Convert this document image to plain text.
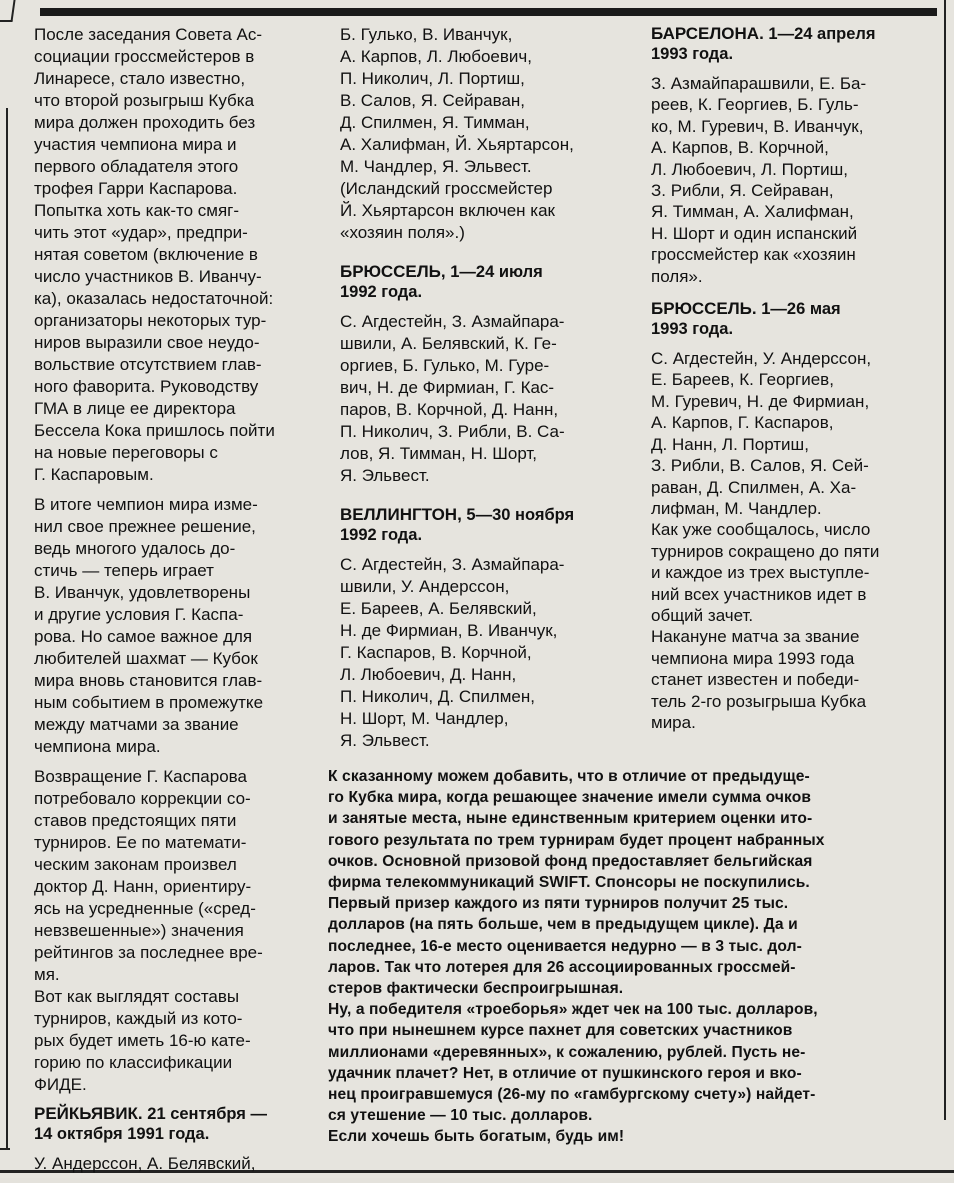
После заседания Совета Ас-
социации гроссмейстеров в
Линаресе, стало известно,
что второй розыгрыш Кубка
мира должен проходить без
участия чемпиона мира и
первого обладателя этого
трофея Гарри Каспарова.
Попытка хоть как-то смяг-
чить этот «удар», предпри-
нятая советом (включение в
число участников В. Иванчу-
ка), оказалась недостаточной:
организаторы некоторых тур-
ниров выразили свое неудо-
вольствие отсутствием глав-
ного фаворита. Руководству
ГМА в лице ее директора
Бессела Кока пришлось пойти
на новые переговоры с
Г. Каспаровым.

В итоге чемпион мира изме-
нил свое прежнее решение,
ведь многого удалось до-
стичь — теперь играет
В. Иванчук, удовлетворены
и другие условия Г. Каспа-
рова. Но самое важное для
любителей шахмат — Кубок
мира вновь становится глав-
ным событием в промежутке
между матчами за звание
чемпиона мира.

Возвращение Г. Каспарова
потребовало коррекции со-
ставов предстоящих пяти
турниров. Ее по математи-
ческим законам произвел
доктор Д. Нанн, ориентиру-
ясь на усредненные («сред-
невзвешенные») значения
рейтингов за последнее вре-
мя.

Вот как выглядят составы
турниров, каждый из кото-
рых будет иметь 16-ю кате-
горию по классификации
ФИДЕ.

РЕЙКЬЯВИК. 21 сентября —
14 октября 1991 года.

У. Андерссон, А. Белявский,

Б. Гулько, В. Иванчук,
А. Карпов, Л. Любоевич,
П. Николич, Л. Портиш,
В. Салов, Я. Сейраван,
Д. Спилмен, Я. Тимман,
А. Халифман, Й. Хьяртарсон,
М. Чандлер, Я. Эльвест.
(Исландский гроссмейстер
Й. Хьяртарсон включен как
«хозяин поля».)

БРЮССЕЛЬ, 1—24 июля
1992 года.

С. Агдестейн, З. Азмайпара-
швили, А. Белявский, К. Ге-
оргиев, Б. Гулько, М. Гуре-
вич, Н. де Фирмиан, Г. Кас-
паров, В. Корчной, Д. Нанн,
П. Николич, З. Рибли, В. Са-
лов, Я. Тимман, Н. Шорт,
Я. Эльвест.

ВЕЛЛИНГТОН, 5—30 ноября
1992 года.

С. Агдестейн, З. Азмайпара-
швили, У. Андерссон,
Е. Бареев, А. Белявский,
Н. де Фирмиан, В. Иванчук,
Г. Каспаров, В. Корчной,
Л. Любоевич, Д. Нанн,
П. Николич, Д. Спилмен,
Н. Шорт, М. Чандлер,
Я. Эльвест.

БАРСЕЛОНА. 1—24 апреля
1993 года.

З. Азмайпарашвили, Е. Ба-
реев, К. Георгиев, Б. Гуль-
ко, М. Гуревич, В. Иванчук,
А. Карпов, В. Корчной,
Л. Любоевич, Л. Портиш,
З. Рибли, Я. Сейраван,
Я. Тимман, А. Халифман,
Н. Шорт и один испанский
гроссмейстер как «хозяин
поля».

БРЮССЕЛЬ. 1—26 мая
1993 года.

С. Агдестейн, У. Андерссон,
Е. Бареев, К. Георгиев,
М. Гуревич, Н. де Фирмиан,
А. Карпов, Г. Каспаров,
Д. Нанн, Л. Портиш,
З. Рибли, В. Салов, Я. Сей-
раван, Д. Спилмен, А. Ха-
лифман, М. Чандлер.

Как уже сообщалось, число
турниров сокращено до пяти
и каждое из трех выступле-
ний всех участников идет в
общий зачет.
Накануне матча за звание
чемпиона мира 1993 года
станет известен и победи-
тель 2-го розыгрыша Кубка
мира.

К сказанному можем добавить, что в отличие от предыдуще-
го Кубка мира, когда решающее значение имели сумма очков
и занятые места, ныне единственным критерием оценки ито-
гового результата по трем турнирам будет процент набранных
очков. Основной призовой фонд предоставляет бельгийская
фирма телекоммуникаций SWIFT. Спонсоры не поскупились.
Первый призер каждого из пяти турниров получит 25 тыс.
долларов (на пять больше, чем в предыдущем цикле). Да и
последнее, 16-е место оценивается недурно — в 3 тыс. дол-
ларов. Так что лотерея для 26 ассоциированных гроссмей-
стеров фактически беспроигрышная.
Ну, а победителя «троеборья» ждет чек на 100 тыс. долларов,
что при нынешнем курсе пахнет для советских участников
миллионами «деревянных», к сожалению, рублей. Пусть не-
удачник плачет? Нет, в отличие от пушкинского героя и вко-
нец проигравшемуся (26-му по «гамбургскому счету») найдет-
ся утешение — 10 тыс. долларов.
Если хочешь быть богатым, будь им!
